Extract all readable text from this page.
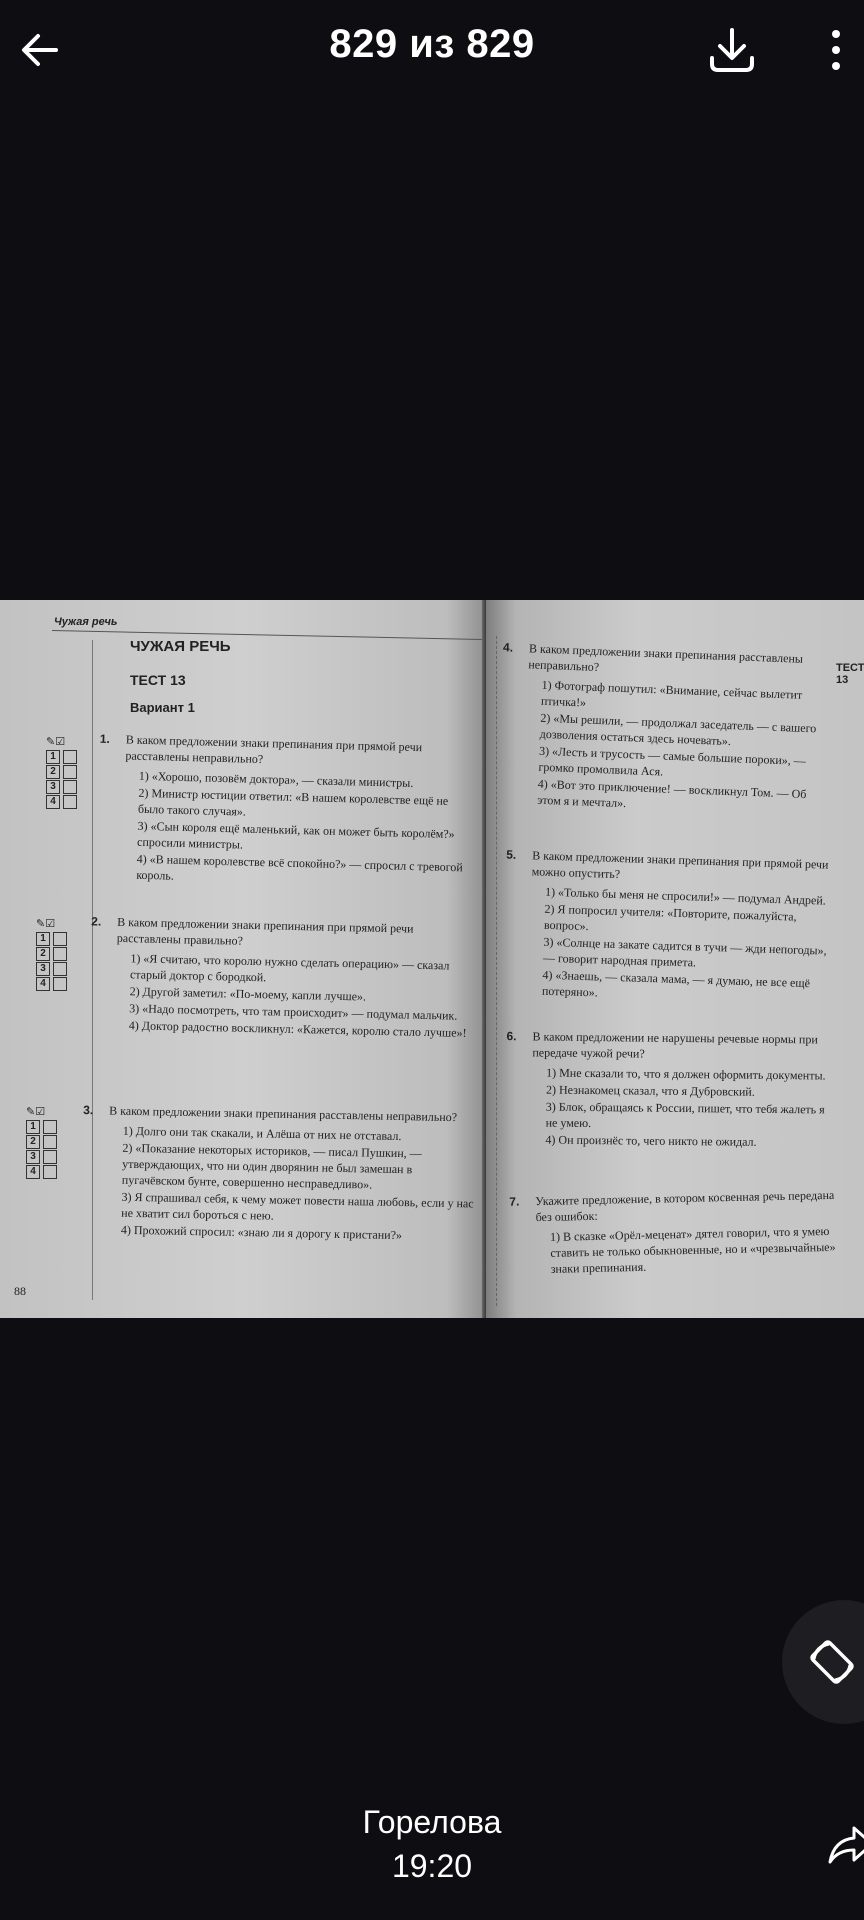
829 из 829
Чужая речь
ЧУЖАЯ РЕЧЬ
ТЕСТ 13
Вариант 1
✎☑
1
2
3
4
✎☑
1
2
3
4
✎☑
1
2
3
4
1. В каком предложении знаки препинания при прямой речи расставлены неправильно?
1) «Хорошо, позовём доктора», — сказали министры.
2) Министр юстиции ответил: «В нашем королевстве ещё не было такого случая».
3) «Сын короля ещё маленький, как он может быть королём?» спросили министры.
4) «В нашем королевстве всё спокойно?» — спросил с тревогой король.
2. В каком предложении знаки препинания при прямой речи расставлены правильно?
1) «Я считаю, что королю нужно сделать операцию» — сказал старый доктор с бородкой.
2) Другой заметил: «По-моему, капли лучше».
3) «Надо посмотреть, что там происходит» — подумал мальчик.
4) Доктор радостно воскликнул: «Кажется, королю стало лучше»!
3. В каком предложении знаки препинания расставлены неправильно?
1) Долго они так скакали, и Алёша от них не отставал.
2) «Показание некоторых историков, — писал Пушкин, — утверждающих, что ни один дворянин не был замешан в пугачёвском бунте, совершенно несправедливо».
3) Я спрашивал себя, к чему может повести наша любовь, если у нас не хватит сил бороться с нею.
4) Прохожий спросил: «знаю ли я дорогу к пристани?»
88
ТЕСТ 13
4. В каком предложении знаки препинания расставлены неправильно?
1) Фотограф пошутил: «Внимание, сейчас вылетит птичка!»
2) «Мы решили, — продолжал заседатель — с вашего дозволения остаться здесь ночевать».
3) «Лесть и трусость — самые большие пороки», — громко промолвила Ася.
4) «Вот это приключение! — воскликнул Том. — Об этом я и мечтал».
5. В каком предложении знаки препинания при прямой речи можно опустить?
1) «Только бы меня не спросили!» — подумал Андрей.
2) Я попросил учителя: «Повторите, пожалуйста, вопрос».
3) «Солнце на закате садится в тучи — жди непогоды», — говорит народная примета.
4) «Знаешь, — сказала мама, — я думаю, не все ещё потеряно».
6. В каком предложении не нарушены речевые нормы при передаче чужой речи?
1) Мне сказали то, что я должен оформить документы.
2) Незнакомец сказал, что я Дубровский.
3) Блок, обращаясь к России, пишет, что тебя жалеть я не умею.
4) Он произнёс то, чего никто не ожидал.
7. Укажите предложение, в котором косвенная речь передана без ошибок:
1) В сказке «Орёл-меценат» дятел говорил, что я умею ставить не только обыкновенные, но и «чрезвычайные» знаки препинания.
Горелова
19:20
